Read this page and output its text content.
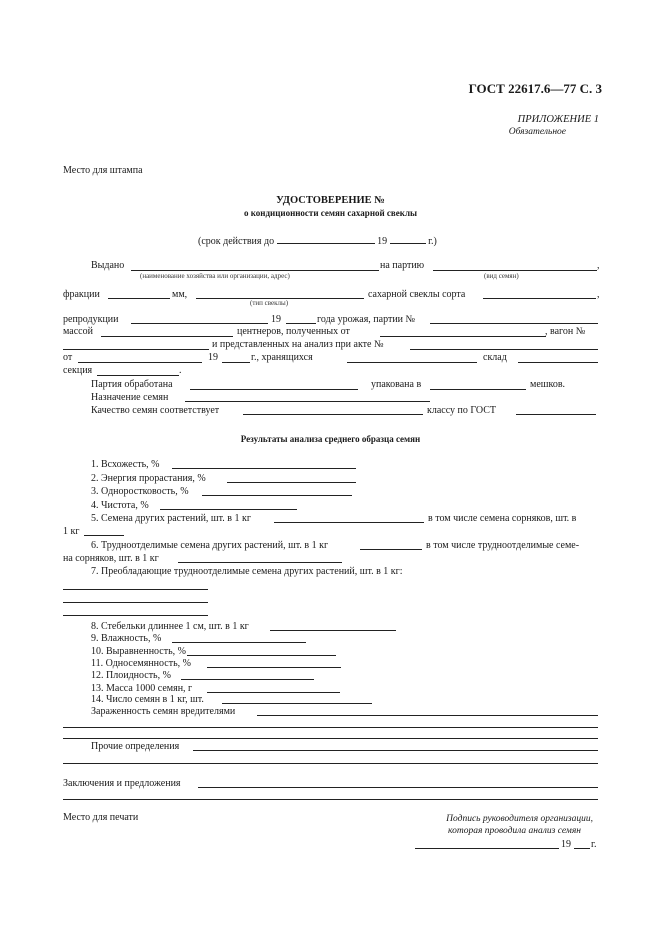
ГОСТ 22617.6—77 С. 3
ПРИЛОЖЕНИЕ 1
Обязательное
Место для штампа
УДОСТОВЕРЕНИЕ №
о кондиционности семян сахарной свеклы
(срок действия до	19	г.)
Выдано	на партию	,
(наименование хозяйства или организации, адрес)	(вид семян)
фракции	мм,	сахарной свеклы сорта	,
(тип свеклы)
репродукции	19	года урожая, партии №
массой	центнеров, полученных от	, вагон №
и представленных на анализ при акте №
от	19	г., хранящихся	склад
секция	.
Партия обработана	упакована в	мешков.
Назначение семян
Качество семян соответствует	классу по ГОСТ
Результаты анализа среднего образца семян
1. Всхожесть, %
2. Энергия прорастания, %
3. Одноростковость, %
4. Чистота, %
5. Семена других растений, шт. в 1 кг	в том числе семена сорняков, шт. в
1 кг
6. Трудноотделимые семена других растений, шт. в 1 кг	в том числе трудноотделимые семе-
на сорняков, шт. в 1 кг
7. Преобладающие трудноотделимые семена других растений, шт. в 1 кг:
8. Стебельки длиннее 1 см, шт. в 1 кг
9. Влажность, %
10. Выравненность, %
11. Односемянность, %
12. Плоидность, %
13. Масса 1000 семян, г
14. Число семян в 1 кг, шт.
Зараженность семян вредителями
Прочие определения
Заключения и предложения
Место для печати	Подпись руководителя организации,
которая проводила анализ семян
19 г.
